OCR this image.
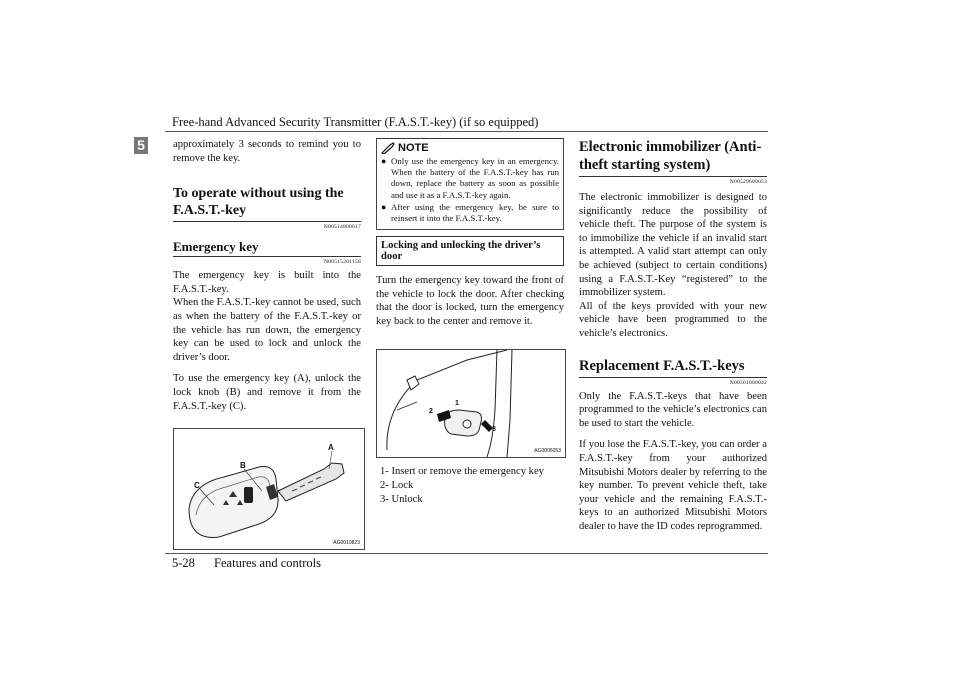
Free-hand Advanced Security Transmitter (F.A.S.T.-key) (if so equipped)
5	approximately 3 seconds to remind you to remove the key.

To operate without using the F.A.S.T.-key
N00514800017
Emergency key
N00515201158

The emergency key is built into the F.A.S.T.-key.

When the F.A.S.T.-key cannot be used, such as when the battery of the F.A.S.T.-key or the vehicle has run down, the emergency key can be used to lock and unlock the driver’s door.

To use the emergency key (A), unlock the lock knob (B) and remove it from the F.A.S.T.-key (C).

B
A
C
AG0010823
NOTE
● Only use the emergency key in an emergency. When the battery of the F.A.S.T.-key has run down, replace the battery as soon as possible and use it as a F.A.S.T.-key again.
● After using the emergency key, be sure to reinsert it into the F.A.S.T.-key.
Locking and unlocking the driver’s door

Turn the emergency key toward the front of the vehicle to lock the door. After checking that the door is locked, turn the emergency key back to the center and remove it.

1
2
3
AG0006053
1- Insert or remove the emergency key
2- Lock
3- Unlock
Electronic immobilizer (Anti-theft starting system)
N00529600053

The electronic immobilizer is designed to significantly reduce the possibility of vehicle theft. The purpose of the system is to immobilize the vehicle if an invalid start is attempted. A valid start attempt can only be achieved (subject to certain conditions) using a F.A.S.T.-Key “registered” to the immobilizer system.

All of the keys provided with your new vehicle have been programmed to the vehicle’s electronics.

Replacement F.A.S.T.-keys
N00561000042

Only the F.A.S.T.-keys that have been programmed to the vehicle’s electronics can be used to start the vehicle.

If you lose the F.A.S.T.-key, you can order a F.A.S.T.-key from your authorized Mitsubishi Motors dealer by referring to the key number. To prevent vehicle theft, take your vehicle and the remaining F.A.S.T.-keys to an authorized Mitsubishi Motors dealer to have the ID codes reprogrammed.

5-28 Features and controls
